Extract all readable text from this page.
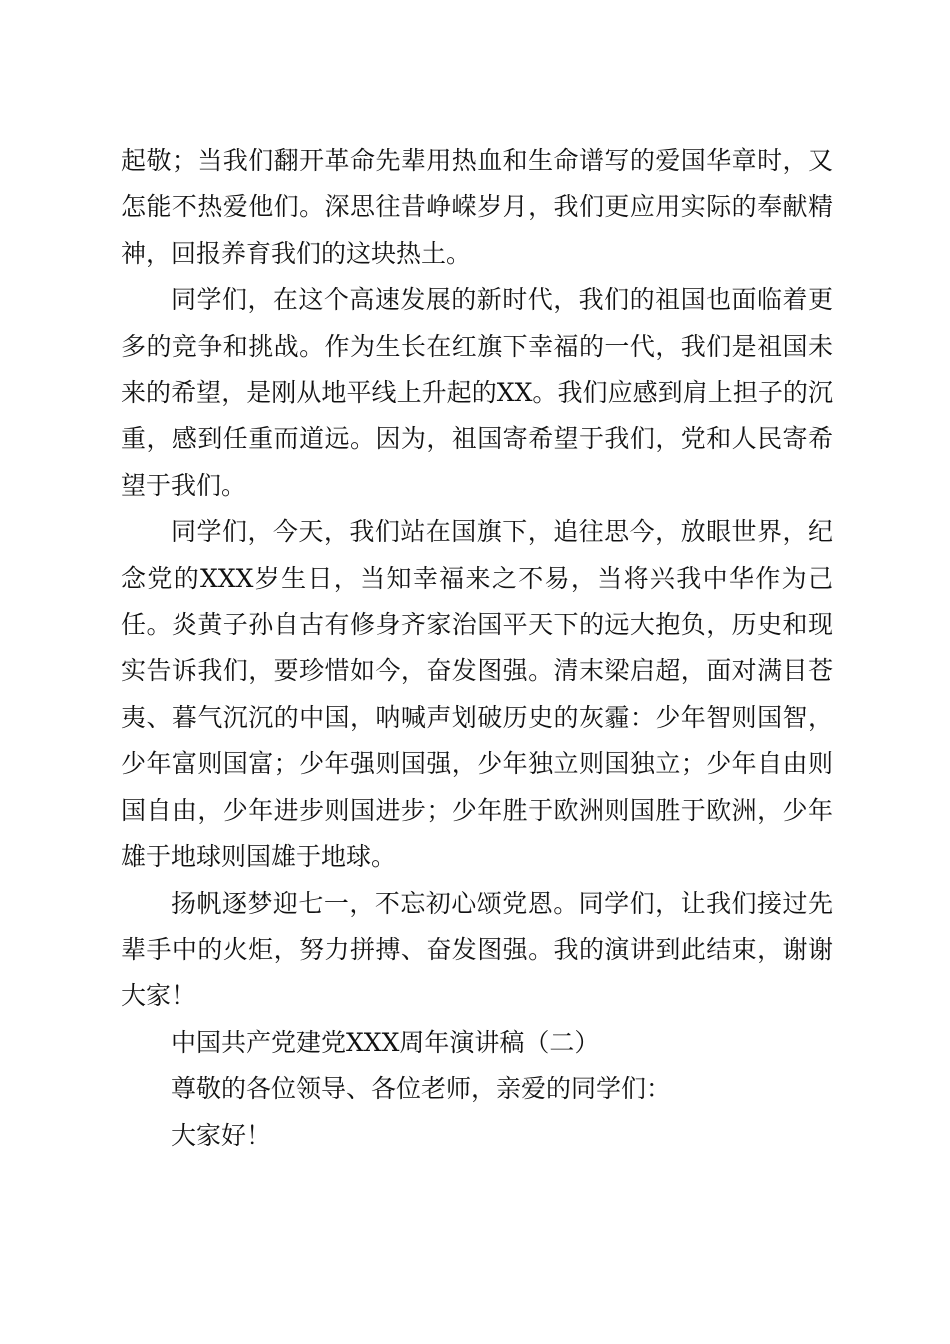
起敬；当我们翻开革命先辈用热血和生命谱写的爱国华章时，又怎能不热爱他们。深思往昔峥嵘岁月，我们更应用实际的奉献精神，回报养育我们的这块热土。

同学们，在这个高速发展的新时代，我们的祖国也面临着更多的竞争和挑战。作为生长在红旗下幸福的一代，我们是祖国未来的希望，是刚从地平线上升起的XX。我们应感到肩上担子的沉重，感到任重而道远。因为，祖国寄希望于我们，党和人民寄希望于我们。

同学们，今天，我们站在国旗下，追往思今，放眼世界，纪念党的XXX岁生日，当知幸福来之不易，当将兴我中华作为己任。炎黄子孙自古有修身齐家治国平天下的远大抱负，历史和现实告诉我们，要珍惜如今，奋发图强。清末梁启超，面对满目苍夷、暮气沉沉的中国，呐喊声划破历史的灰霾：少年智则国智，少年富则国富；少年强则国强，少年独立则国独立；少年自由则国自由，少年进步则国进步；少年胜于欧洲则国胜于欧洲，少年雄于地球则国雄于地球。

扬帆逐梦迎七一，不忘初心颂党恩。同学们，让我们接过先辈手中的火炬，努力拼搏、奋发图强。我的演讲到此结束，谢谢大家！

中国共产党建党XXX周年演讲稿（二）

尊敬的各位领导、各位老师，亲爱的同学们：

大家好！
